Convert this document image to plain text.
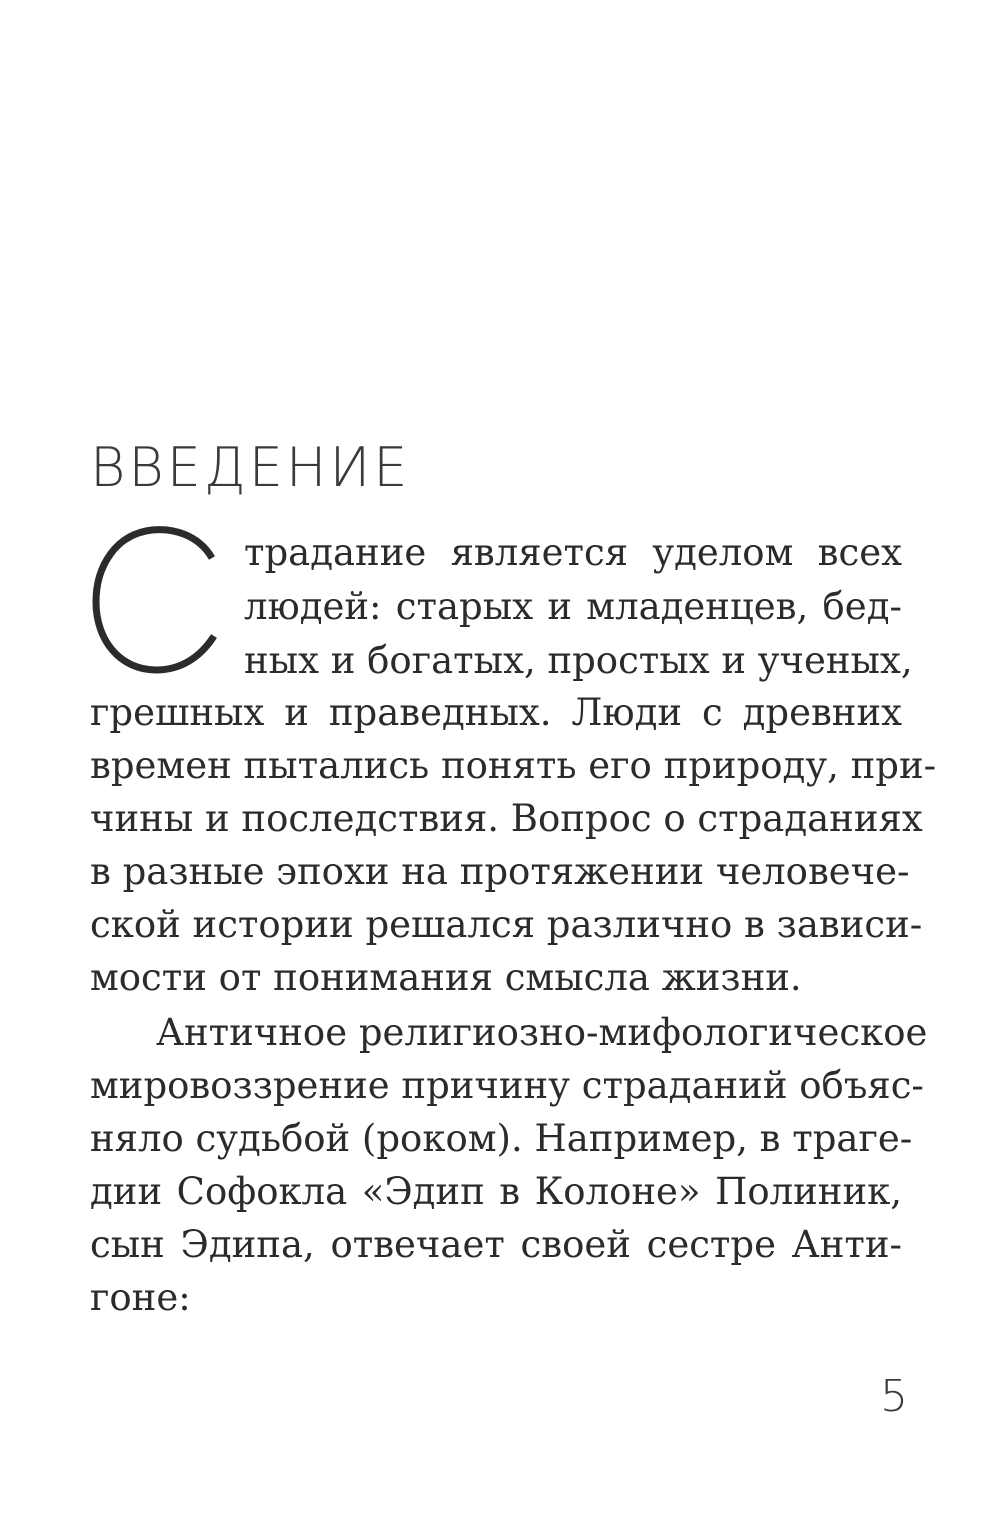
ВВЕДЕНИЕ

традание является уделом всех

людей: старых и младенцев, бед-

ных и богатых, простых и ученых,

грешных и праведных. Люди с древних

времен пытались понять его природу, при-

чины и последствия. Вопрос о страданиях

в разные эпохи на протяжении человече-

ской истории решался различно в зависи-

мости от понимания смысла жизни.

Античное религиозно-мифологическое

мировоззрение причину страданий объяс-

няло судьбой (роком). Например, в траге-

дии Софокла «Эдип в Колоне» Полиник,

сын Эдипа, отвечает своей сестре Анти-

гоне:

5
